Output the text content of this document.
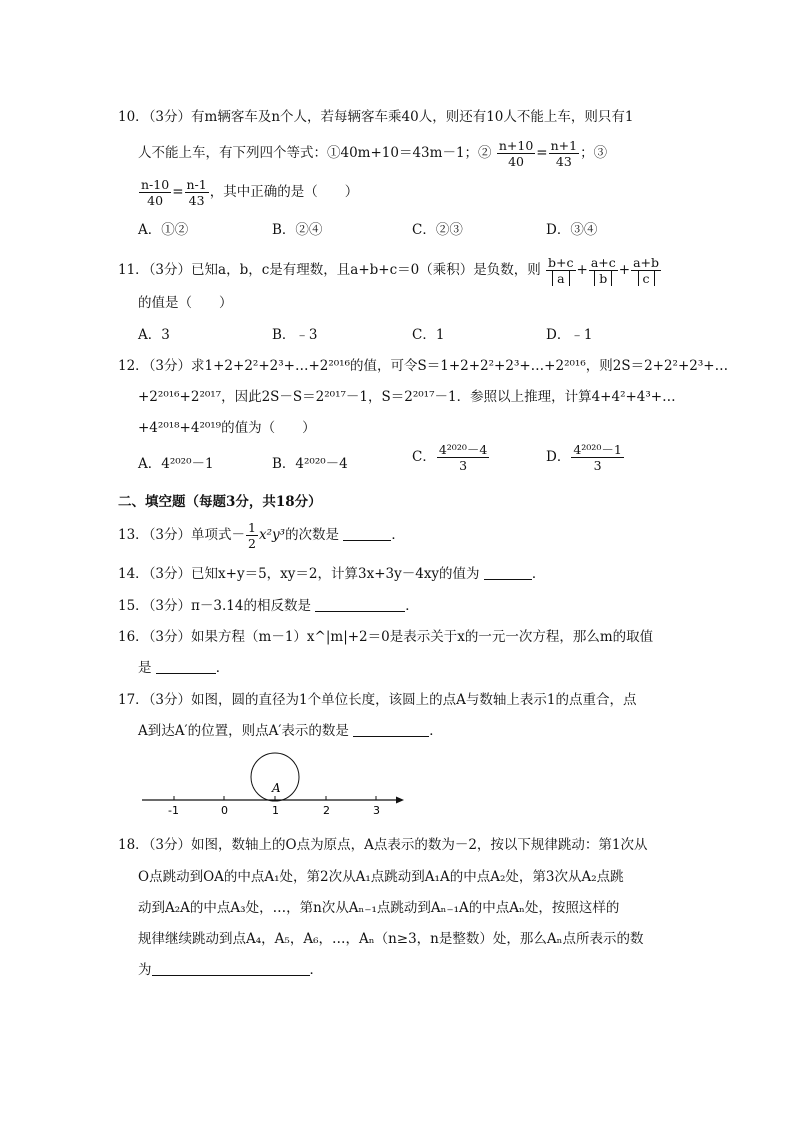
10．（3分）有m辆客车及n个人，若每辆客车乘40人，则还有10人不能上车，则只有1
人不能上车，有下列四个等式：①40m+10＝43m－1；② $\frac{n+10}{40} = \frac{n+1}{43}$ ；③
$\frac{n-10}{40} = \frac{n-1}{43}$ ，其中正确的是（　　）
A．①②	B．②④	C．②③	D．③④
11．（3分）已知a，b，c是有理数，且a+b+c＝0（乘积）是负数，则 $\frac{b+c}{a} + \frac{a+c}{b} + \frac{a+b}{c}$
的值是（　　）
A．3	B．﹣3	C．1	D．﹣1
12．（3分）求1+2+2²+2³+…+2²⁰¹⁶的值，可令S＝1+2+2²+2³+…+2²⁰¹⁶，则2S＝2+2²+2³+…
+2²⁰¹⁶+2²⁰¹⁷，因此2S－S＝2²⁰¹⁷－1，S＝2²⁰¹⁷－1．参照以上推理，计算4+4²+4³+…
+4²⁰¹⁸+4²⁰¹⁹的值为（　　）
A．4²⁰²⁰－1	B．4²⁰²⁰－4	C． $\frac{\text{4²⁰²⁰－4}}{3}$	D． $\frac{\text{4²⁰²⁰－1}}{3}$
二、填空题（每题3分，共18分）
13．（3分）单项式－ $\frac{1}{2} x^2y^3$的次数是	．
14．（3分）已知x+y＝5，xy＝2，计算3x+3y－4xy的值为	．
15．（3分）π－3.14的相反数是	．
16．（3分）如果方程（m－1）x^|m|+2＝0是表示关于x的一元一次方程，那么m的取值
是	．
17．（3分）如图，圆的直径为1个单位长度，该圆上的点A与数轴上表示1的点重合，点
A到达A′的位置，则点A′表示的数是	．
A
-1	0	1	2	3
18．（3分）如图，数轴上的O点为原点，A点表示的数为－2，按以下规律跳动：第1次从
O点跳动到OA的中点A₁处，第2次从A₁点跳动到A₁A的中点A₂处，第3次从A₂点跳
动到A₂A的中点A₃处，…，第n次从Aₙ₋₁点跳动到Aₙ₋₁A的中点Aₙ处，按照这样的
规律继续跳动到点A₄，A₅，A₆，…，Aₙ（n≥3，n是整数）处，那么Aₙ点所表示的数
为	．
